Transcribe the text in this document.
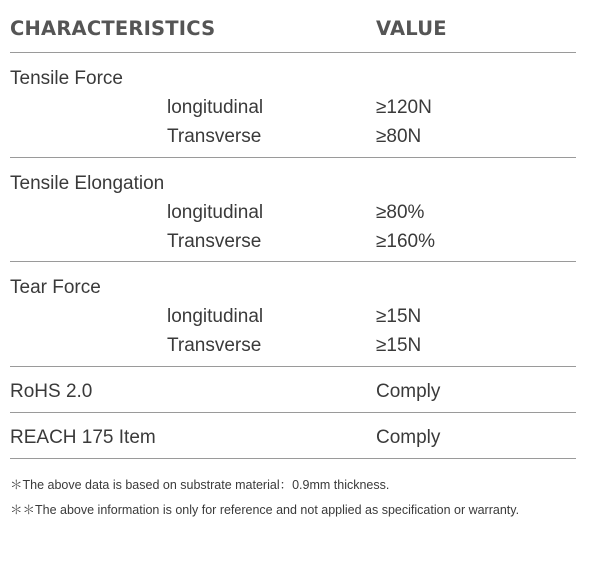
CHARACTERISTICS	VALUE
Tensile Force
longitudinal	≥120N
Transverse	≥80N
Tensile Elongation
longitudinal	≥80%
Transverse	≥160%
Tear Force
longitudinal	≥15N
Transverse	≥15N
RoHS 2.0	Comply
REACH 175 Item	Comply
＊The above data is based on substrate material：0.9mm thickness.
＊＊The above information is only for reference and not applied as specification or warranty.
